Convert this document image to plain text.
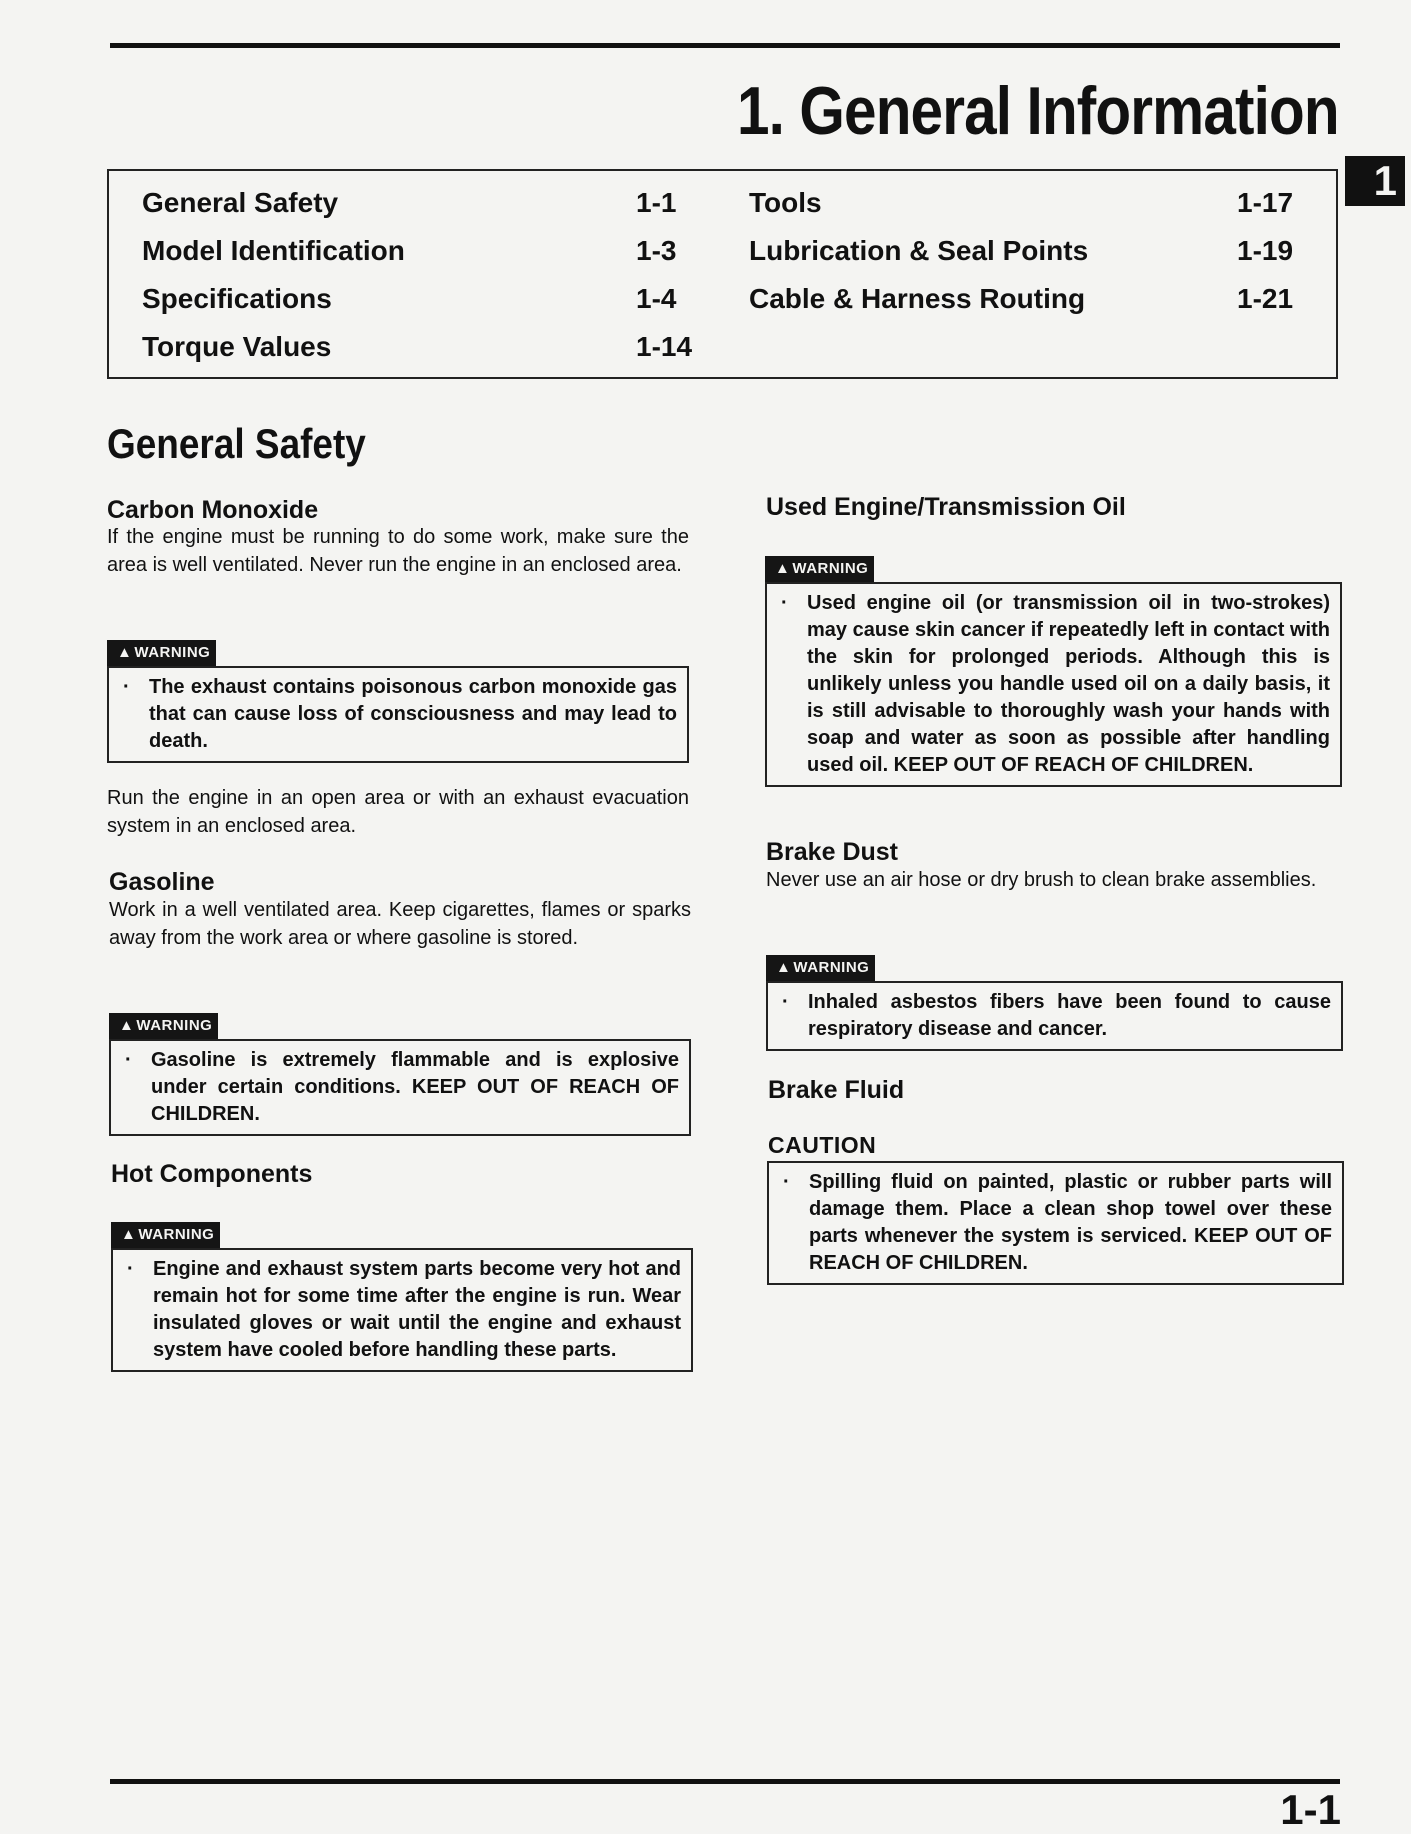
1. General Information
1
General Safety	1-1
Model Identification	1-3
Specifications	1-4
Torque Values	1-14
Tools	1-17
Lubrication & Seal Points	1-19
Cable & Harness Routing	1-21
General Safety
Carbon Monoxide
If the engine must be running to do some work, make sure the area is well ventilated. Never run the engine in an enclosed area.
▲ WARNING
· The exhaust contains poisonous carbon monoxide gas that can cause loss of consciousness and may lead to death.
Run the engine in an open area or with an exhaust evacuation system in an enclosed area.
Gasoline
Work in a well ventilated area. Keep cigarettes, flames or sparks away from the work area or where gasoline is stored.
▲ WARNING
· Gasoline is extremely flammable and is explosive under certain conditions. KEEP OUT OF REACH OF CHILDREN.
Hot Components
▲ WARNING
· Engine and exhaust system parts become very hot and remain hot for some time after the engine is run. Wear insulated gloves or wait until the engine and exhaust system have cooled before handling these parts.
Used Engine/Transmission Oil
▲ WARNING
· Used engine oil (or transmission oil in two-strokes) may cause skin cancer if repeatedly left in contact with the skin for prolonged periods. Although this is unlikely unless you handle used oil on a daily basis, it is still advisable to thoroughly wash your hands with soap and water as soon as possible after handling used oil. KEEP OUT OF REACH OF CHILDREN.
Brake Dust
Never use an air hose or dry brush to clean brake assemblies.
▲ WARNING
· Inhaled asbestos fibers have been found to cause respiratory disease and cancer.
Brake Fluid
CAUTION
· Spilling fluid on painted, plastic or rubber parts will damage them. Place a clean shop towel over these parts whenever the system is serviced. KEEP OUT OF REACH OF CHILDREN.
1-1
